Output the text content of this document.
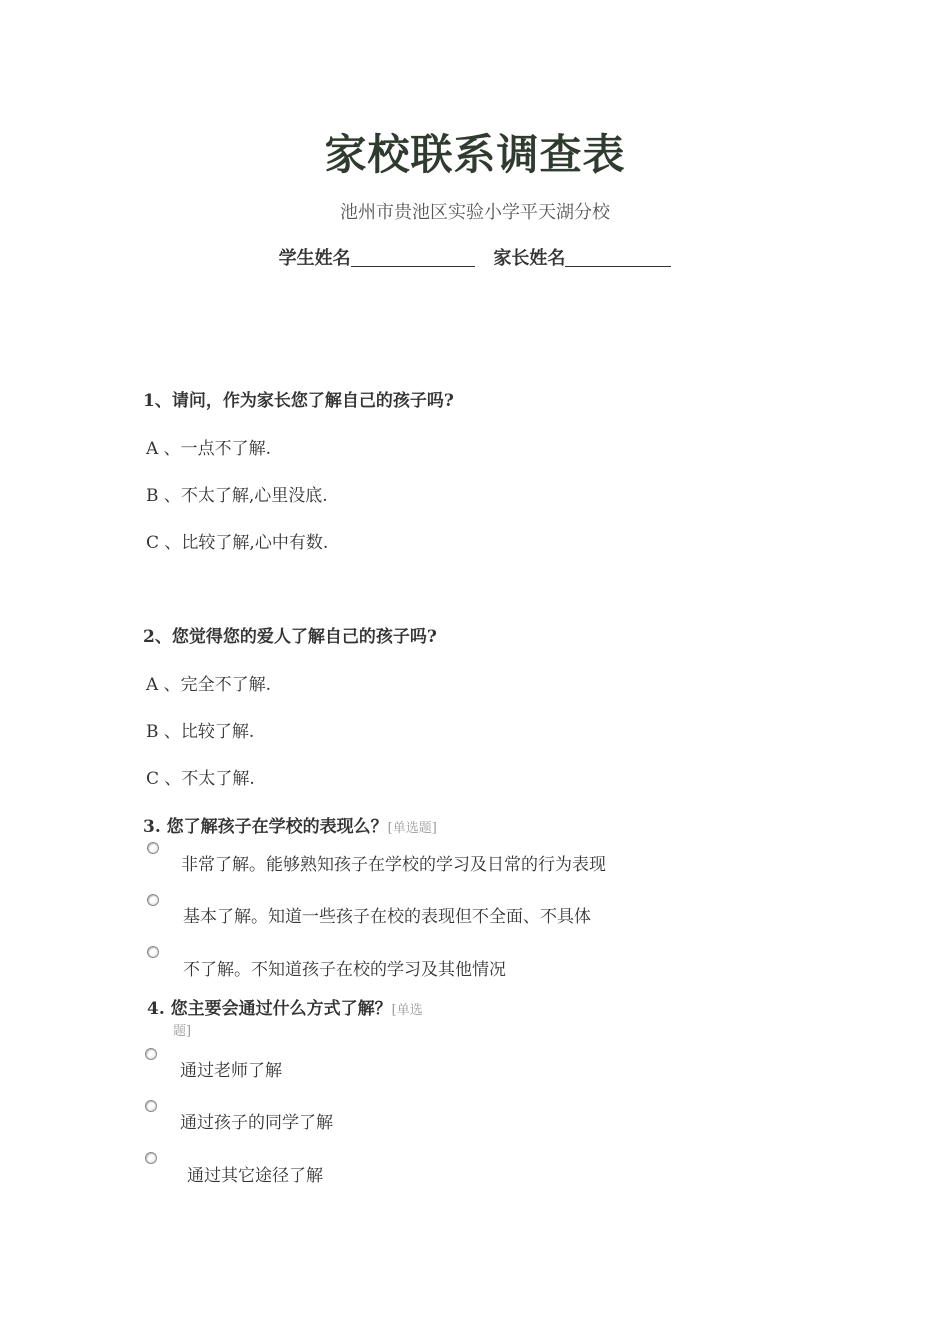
家校联系调查表
池州市贵池区实验小学平天湖分校
学生姓名	家长姓名
1、请问，作为家长您了解自己的孩子吗?
A 、一点不了解.
B 、不太了解,心里没底.
C 、比较了解,心中有数.
2、您觉得您的爱人了解自己的孩子吗?
A 、完全不了解.
B 、比较了解.
C 、不太了解.
3. 您了解孩子在学校的表现么？[单选题]
非常了解。能够熟知孩子在学校的学习及日常的行为表现
基本了解。知道一些孩子在校的表现但不全面、不具体
不了解。不知道孩子在校的学习及其他情况
4. 您主要会通过什么方式了解？[单选
题]
通过老师了解
通过孩子的同学了解
通过其它途径了解
